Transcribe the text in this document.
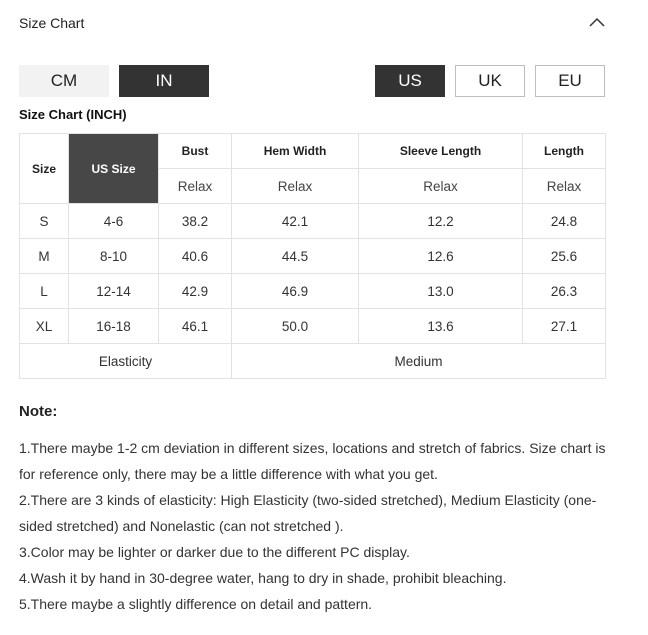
Size Chart
CM	IN	US	UK	EU
Size Chart (INCH)
Size	US Size	Bust	Hem Width	Sleeve Length	Length
		Relax	Relax	Relax	Relax
S	4-6	38.2	42.1	12.2	24.8
M	8-10	40.6	44.5	12.6	25.6
L	12-14	42.9	46.9	13.0	26.3
XL	16-18	46.1	50.0	13.6	27.1
Elasticity			Medium		
Note:

1.There maybe 1-2 cm deviation in different sizes, locations and stretch of fabrics. Size chart is for reference only, there may be a little difference with what you get.

2.There are 3 kinds of elasticity: High Elasticity (two-sided stretched), Medium Elasticity (one-sided stretched) and Nonelastic (can not stretched ).

3.Color may be lighter or darker due to the different PC display.

4.Wash it by hand in 30-degree water, hang to dry in shade, prohibit bleaching.

5.There maybe a slightly difference on detail and pattern.
